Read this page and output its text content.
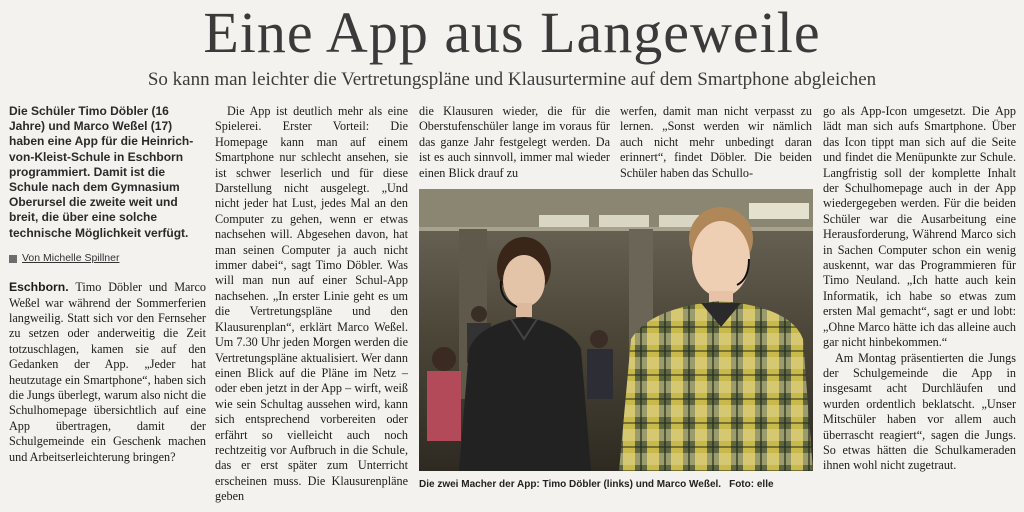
Eine App aus Langeweile
So kann man leichter die Vertretungspläne und Klausurtermine auf dem Smartphone abgleichen

Die Schüler Timo Döbler (16 Jahre) und Marco Weßel (17) haben eine App für die Heinrich-von-Kleist-Schule in Eschborn programmiert. Damit ist die Schule nach dem Gymnasium Oberursel die zweite weit und breit, die über eine solche technische Möglichkeit verfügt.

Von Michelle Spillner

Eschborn. Timo Döbler und Marco Weßel war während der Sommerferien langweilig. Statt sich vor den Fernseher zu setzen oder anderweitig die Zeit totzuschlagen, kamen sie auf den Gedanken der App. „Jeder hat heutzutage ein Smartphone“, haben sich die Jungs überlegt, warum also nicht die Schulhomepage übersichtlich auf eine App übertragen, damit der Schulgemeinde ein Geschenk machen und Arbeitserleichterung bringen?

Die App ist deutlich mehr als eine Spielerei. Erster Vorteil: Die Homepage kann man auf einem Smartphone nur schlecht ansehen, sie ist schwer leserlich und für diese Darstellung nicht ausgelegt. „Und nicht jeder hat Lust, jedes Mal an den Computer zu gehen, wenn er etwas nachsehen will. Abgesehen davon, hat man seinen Computer ja auch nicht immer dabei“, sagt Timo Döbler. Was will man nun auf einer Schul-App nachsehen. „In erster Linie geht es um die Vertretungspläne und den Klausurenplan“, erklärt Marco Weßel. Um 7.30 Uhr jeden Morgen werden die Vertretungspläne aktualisiert. Wer dann einen Blick auf die Pläne im Netz – oder eben jetzt in der App – wirft, weiß wie sein Schultag aussehen wird, kann sich entsprechend vorbereiten oder erfährt so vielleicht auch noch rechtzeitig vor Aufbruch in die Schule, das er erst später zum Unterricht erscheinen muss. Die Klausurenpläne geben

die Klausuren wieder, die für die Oberstufenschüler lange im voraus für das ganze Jahr festgelegt werden. Da ist es auch sinnvoll, immer mal wieder einen Blick drauf zu

werfen, damit man nicht verpasst zu lernen. „Sonst werden wir nämlich auch nicht mehr unbedingt daran erinnert“, findet Döbler. Die beiden Schüler haben das Schullo-

go als App-Icon umgesetzt. Die App lädt man sich aufs Smartphone. Über das Icon tippt man sich auf die Seite und findet die Menüpunkte zur Schule. Langfristig soll der komplette Inhalt der Schulhomepage auch in der App wiedergegeben werden. Für die beiden Schüler war die Ausarbeitung eine Herausforderung, Während Marco sich in Sachen Computer schon ein wenig auskennt, war das Programmieren für Timo Neuland. „Ich hatte auch kein Informatik, ich habe so etwas zum ersten Mal gemacht“, sagt er und lobt: „Ohne Marco hätte ich das alleine auch gar nicht hinbekommen.“

Am Montag präsentierten die Jungs der Schulgemeinde die App in insgesamt acht Durchläufen und wurden ordentlich beklatscht. „Unser Mitschüler haben vor allem auch überrascht reagiert“, sagen die Jungs. So etwas hätten die Schulkameraden ihnen wohl nicht zugetraut.

Die zwei Macher der App: Timo Döbler (links) und Marco Weßel. Foto: elle
